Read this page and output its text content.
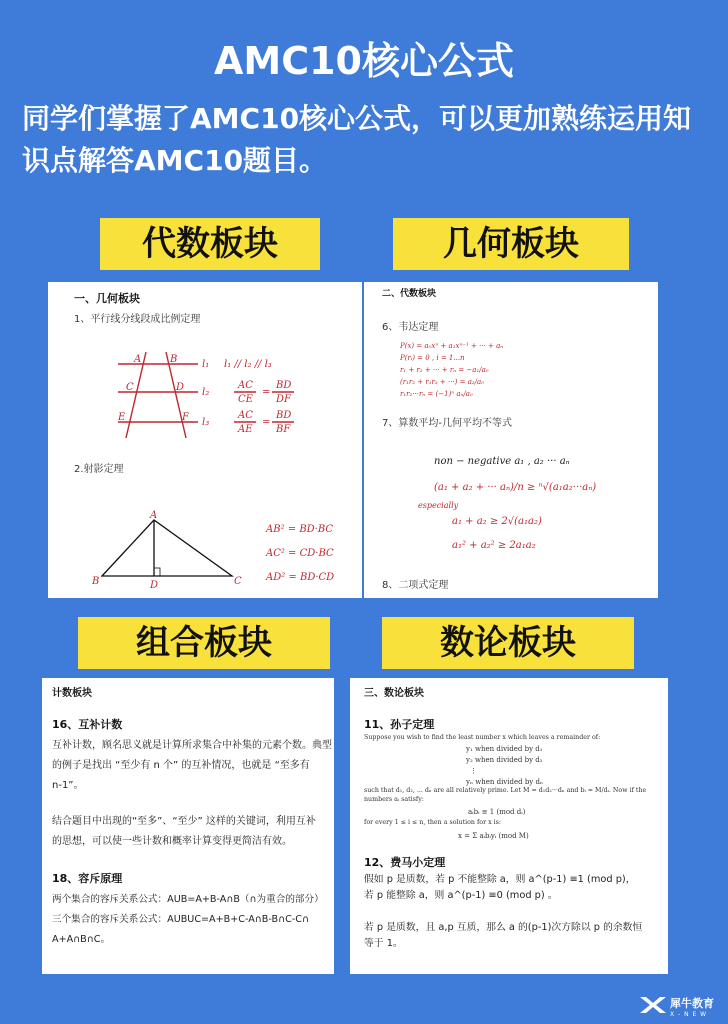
AMC10核心公式
同学们掌握了AMC10核心公式，可以更加熟练运用知识点解答AMC10题目。
代数板块	几何板块
组合板块	数论板块
一、几何板块
1、平行线分线段成比例定理
A	B
C	D
E	F
l₁
l₂
l₃
l₁ // l₂ // l₃
AC
CE
=
BD
DF
AC
AE
=
BD
BF
2.射影定理
A
B	C
D
AB² = BD·BC
AC² = CD·BC
AD² = BD·CD
二、代数板块
6、韦达定理
P(x) = a₀xⁿ + a₁xⁿ⁻¹ + ··· + aₙ
P(rᵢ) = 0 , i = 1...n
r₁ + r₂ + ··· + rₙ = −a₁/a₀
(r₁r₂ + r₁r₃ + ···) = a₂/a₀
r₁r₂···rₙ = (−1)ⁿ aₙ/a₀
7、算数平均-几何平均不等式
non − negative a₁ , a₂ ··· aₙ
(a₁ + a₂ + ··· aₙ)/n ≥ ⁿ√(a₁a₂···aₙ)
especially
a₁ + a₂ ≥ 2√(a₁a₂)
a₁² + a₂² ≥ 2a₁a₂
8、二项式定理
计数板块
16、互补计数
互补计数，顾名思义就是计算所求集合中补集的元素个数。典型
的例子是找出 “至少有 n 个” 的互补情况，也就是 “至多有
n-1”。
结合题目中出现的“至多”、“至少” 这样的关键词，利用互补
的思想，可以使一些计数和概率计算变得更简洁有效。
18、容斥原理
两个集合的容斥关系公式：AUB=A+B-A∩B（∩为重合的部分）
三个集合的容斥关系公式：AUBUC=A+B+C-A∩B-B∩C-C∩
A+A∩B∩C。
三、数论板块
11、孙子定理
Suppose you wish to find the least number x which leaves a remainder of:
y₁ when divided by d₁
y₂ when divided by d₂
⋮
yₙ when divided by dₙ
such that d₁, d₂, ... dₙ are all relatively prime. Let M = d₁d₂···dₙ and bᵢ = M/dᵢ. Now if the numbers aᵢ satisfy:
aᵢbᵢ ≡ 1 (mod dᵢ)
for every 1 ≤ i ≤ n, then a solution for x is:
x = Σ aᵢbᵢyᵢ (mod M)
12、费马小定理
假如 p 是质数，若 p 不能整除 a，则 a^(p-1) ≡1 (mod p)，
若 p 能整除 a，则 a^(p-1) ≡0 (mod p) 。
若 p 是质数，且 a,p 互质，那么 a 的(p-1)次方除以 p 的余数恒
等于 1。
犀牛教育
X - N E W
